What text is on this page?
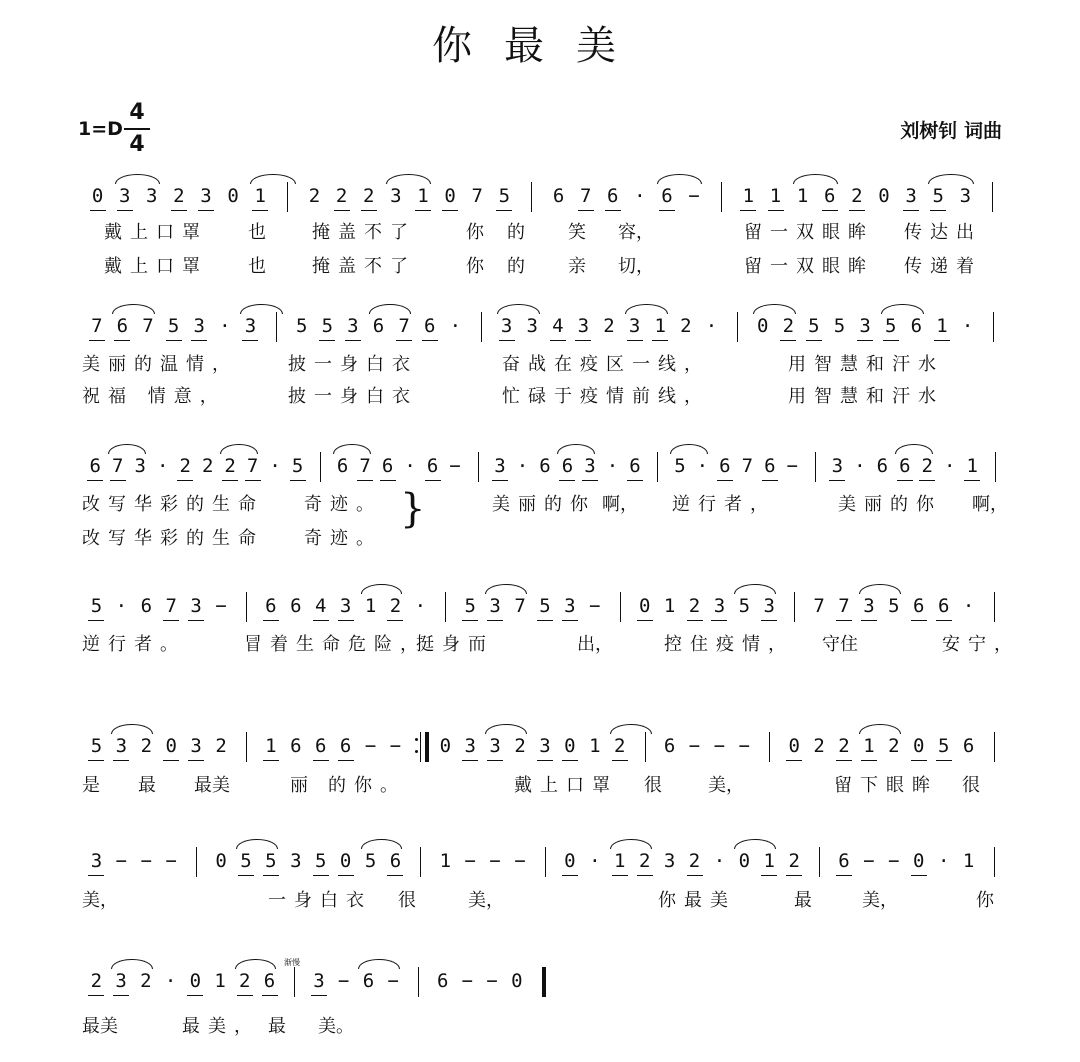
你最美
1=D
4
4
刘树钊 词曲
0 3 3 2 3 0 1 2 2 2 3 1 0 7 5 6 7 6 · 6 − 1 1 1 6 2 0 3 5 3
戴上口罩 也	掩盖不了	你 的 笑 容，	留一双眼眸 传达出
戴上口罩 也	掩盖不了	你 的 亲 切，	留一双眼眸 传递着
7 6 7 5 3 · 3 5 5 3 6 7 6 · 3 3 4 3 2 3 1 2 · 0 2 5 5 3 5 6 1 ·
美丽的温情，	披一身白衣	奋战在疫区一线，	用智慧和汗水
祝福 情意，	披一身白衣	忙碌于疫情前线，	用智慧和汗水
6 7 3 · 2 2 2 7 · 5 6 7 6 · 6 − 3 · 6 6 3 · 6 5 · 6 7 6 − 3 · 6 6 2 · 1
改写华彩的生命 奇迹。	美丽的你 啊， 逆行者，	美丽的你 啊，
改写华彩的生命 奇迹。
5 · 6 7 3 − 6 6 4 3 1 2 · 5 3 7 5 3 − 0 1 2 3 5 3 7 7 3 5 6 6 ·
逆行者。	冒着生命危险，
挺身而	出，	控住疫情， 守住	安宁，
5 3 2 0 3 2 1 6 6 6 − − 0 3 3 2 3 0 1 2 6 − − − 0 2 2 1 2 0 5 6
是 最 最美	丽 的你。	戴上口罩 很	美，	留下眼眸 很
3 − − − 0 5 5 3 5 0 5 6 1 − − − 0 · 1 2 3 2 · 0 1 2 6 − − 0 · 1
美，	一身白衣 很	美，	你最美	最	美，	你
2 3 2 · 0 1 2 6 3 − 6 − 6 − − 0
最美	最美， 最 美。
}
渐慢
